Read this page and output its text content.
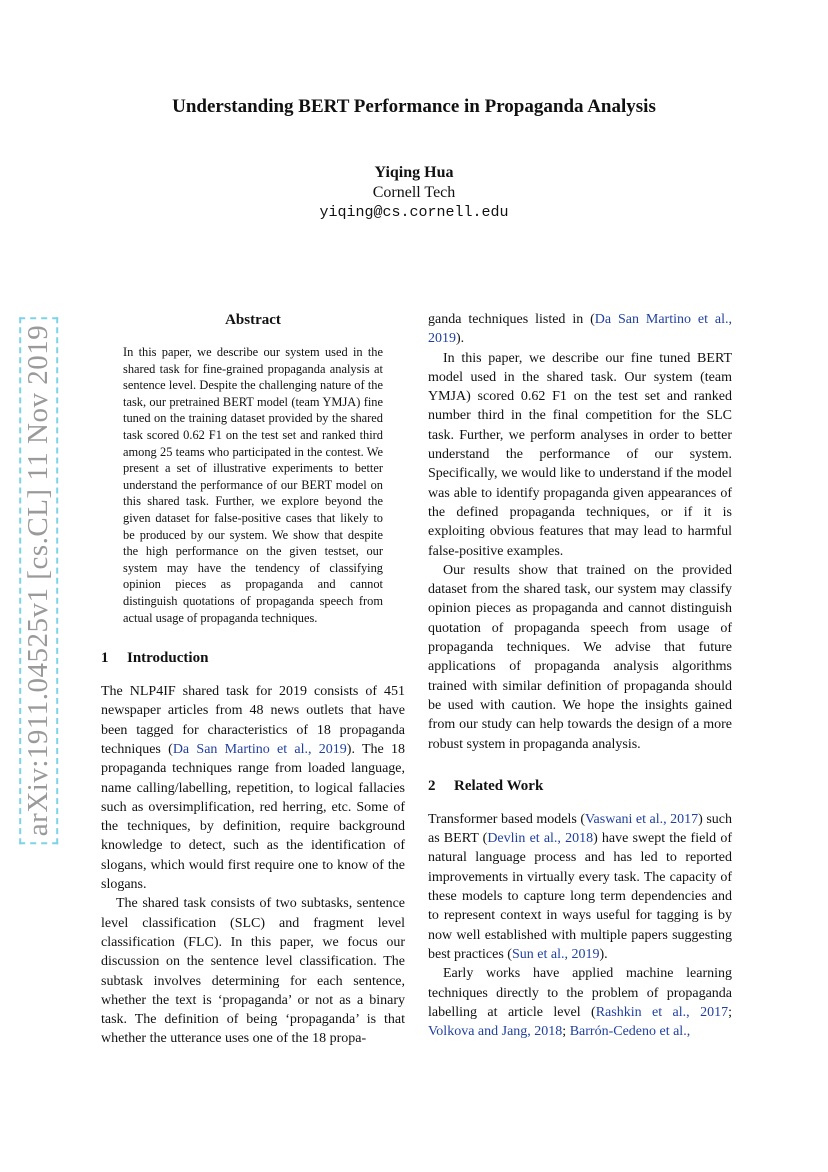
Understanding BERT Performance in Propaganda Analysis
Yiqing Hua
Cornell Tech
yiqing@cs.cornell.edu
arXiv:1911.04525v1 [cs.CL] 11 Nov 2019
Abstract
In this paper, we describe our system used in the shared task for fine-grained propaganda analysis at sentence level. Despite the challenging nature of the task, our pretrained BERT model (team YMJA) fine tuned on the training dataset provided by the shared task scored 0.62 F1 on the test set and ranked third among 25 teams who participated in the contest. We present a set of illustrative experiments to better understand the performance of our BERT model on this shared task. Further, we explore beyond the given dataset for false-positive cases that likely to be produced by our system. We show that despite the high performance on the given testset, our system may have the tendency of classifying opinion pieces as propaganda and cannot distinguish quotations of propaganda speech from actual usage of propaganda techniques.
1 Introduction

The NLP4IF shared task for 2019 consists of 451 newspaper articles from 48 news outlets that have been tagged for characteristics of 18 propaganda techniques (Da San Martino et al., 2019). The 18 propaganda techniques range from loaded language, name calling/labelling, repetition, to logical fallacies such as oversimplification, red herring, etc. Some of the techniques, by definition, require background knowledge to detect, such as the identification of slogans, which would first require one to know of the slogans.

The shared task consists of two subtasks, sentence level classification (SLC) and fragment level classification (FLC). In this paper, we focus our discussion on the sentence level classification. The subtask involves determining for each sentence, whether the text is ‘propaganda’ or not as a binary task. The definition of being ‘propaganda’ is that whether the utterance uses one of the 18 propa-

ganda techniques listed in (Da San Martino et al., 2019).

In this paper, we describe our fine tuned BERT model used in the shared task. Our system (team YMJA) scored 0.62 F1 on the test set and ranked number third in the final competition for the SLC task. Further, we perform analyses in order to better understand the performance of our system. Specifically, we would like to understand if the model was able to identify propaganda given appearances of the defined propaganda techniques, or if it is exploiting obvious features that may lead to harmful false-positive examples.

Our results show that trained on the provided dataset from the shared task, our system may classify opinion pieces as propaganda and cannot distinguish quotation of propaganda speech from usage of propaganda techniques. We advise that future applications of propaganda analysis algorithms trained with similar definition of propaganda should be used with caution. We hope the insights gained from our study can help towards the design of a more robust system in propaganda analysis.

2 Related Work

Transformer based models (Vaswani et al., 2017) such as BERT (Devlin et al., 2018) have swept the field of natural language process and has led to reported improvements in virtually every task. The capacity of these models to capture long term dependencies and to represent context in ways useful for tagging is by now well established with multiple papers suggesting best practices (Sun et al., 2019).

Early works have applied machine learning techniques directly to the problem of propaganda labelling at article level (Rashkin et al., 2017; Volkova and Jang, 2018; Barrón-Cedeno et al.,
